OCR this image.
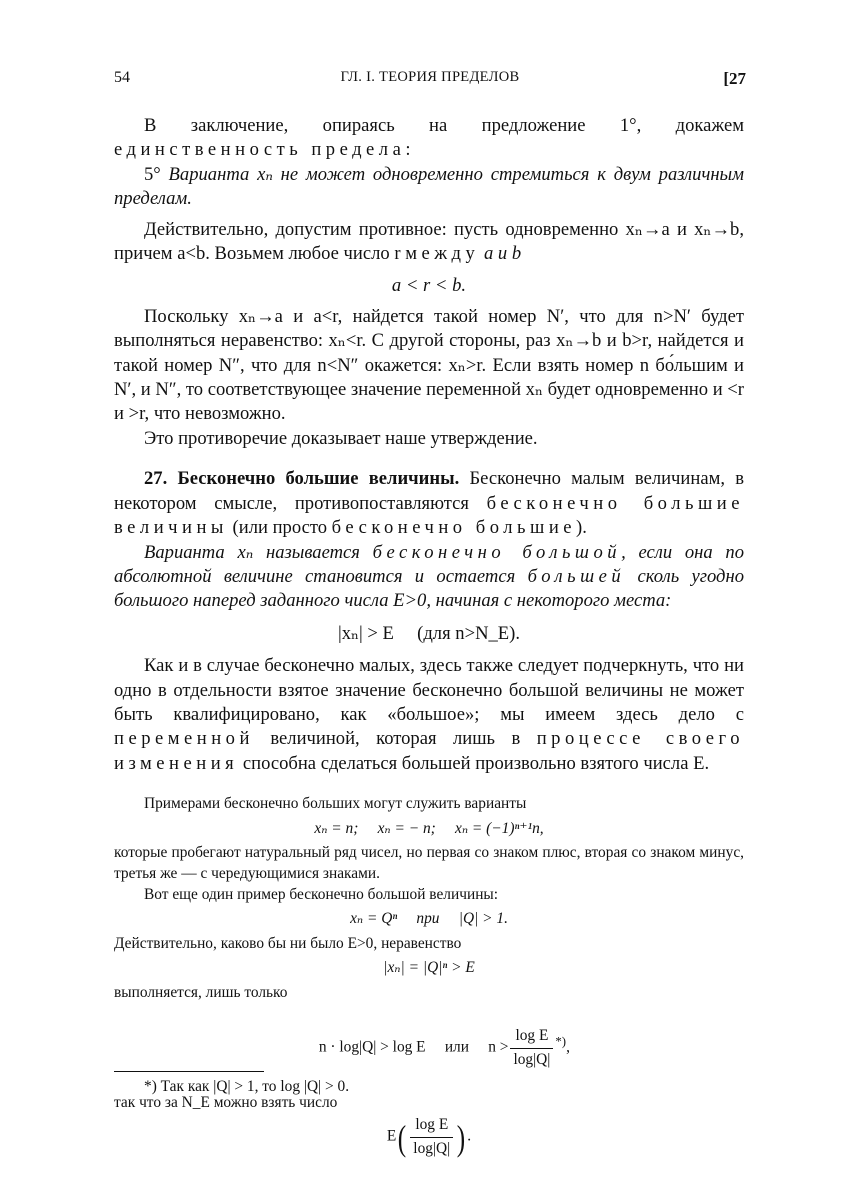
54	ГЛ. I. ТЕОРИЯ ПРЕДЕЛОВ	[27

В заключение, опираясь на предложение 1°, докажем единственность предела:

5° Варианта xₙ не может одновременно стремиться к двум различным пределам.

Действительно, допустим противное: пусть одновременно xₙ→a и xₙ→b, причем a<b. Возьмем любое число r между a и b

a < r < b.

Поскольку xₙ→a и a<r, найдется такой номер N′, что для n>N′ будет выполняться неравенство: xₙ<r. С другой стороны, раз xₙ→b и b>r, найдется и такой номер N″, что для n<N″ окажется: xₙ>r. Если взять номер n бо́льшим и N′, и N″, то соответствующее значение переменной xₙ будет одновременно и <r и >r, что невозможно.

Это противоречие доказывает наше утверждение.

27. Бесконечно большие величины. Бесконечно малым величинам, в некотором смысле, противопоставляются бесконечно большие величины (или просто бесконечно большие).

Варианта xₙ называется бесконечно большой, если она по абсолютной величине становится и остается большей сколь угодно большого наперед заданного числа E>0, начиная с некоторого места:

|xₙ| > E     (для n>N_E).

Как и в случае бесконечно малых, здесь также следует подчеркнуть, что ни одно в отдельности взятое значение бесконечно большой величины не может быть квалифицировано, как «большое»; мы имеем здесь дело с переменной величиной, которая лишь в процессе своего изменения способна сделаться большей произвольно взятого числа E.

Примерами бесконечно больших могут служить варианты

xₙ = n;     xₙ = − n;     xₙ = (−1)ⁿ⁺¹n,

которые пробегают натуральный ряд чисел, но первая со знаком плюс, вторая со знаком минус, третья же — с чередующимися знаками.

Вот еще один пример бесконечно большой величины:

xₙ = Qⁿ     при     |Q| > 1.

Действительно, каково бы ни было E>0, неравенство

|xₙ| = |Q|ⁿ > E

выполняется, лишь только

n · log|Q| > log E     или     $n > \frac{\text{log E}}{\log|Q|} ^{*)}$,

так что за N_E можно взять число

$E( \frac{\text{log E}}{\log|Q|}$ ) .

*) Так как |Q| > 1, то log |Q| > 0.
